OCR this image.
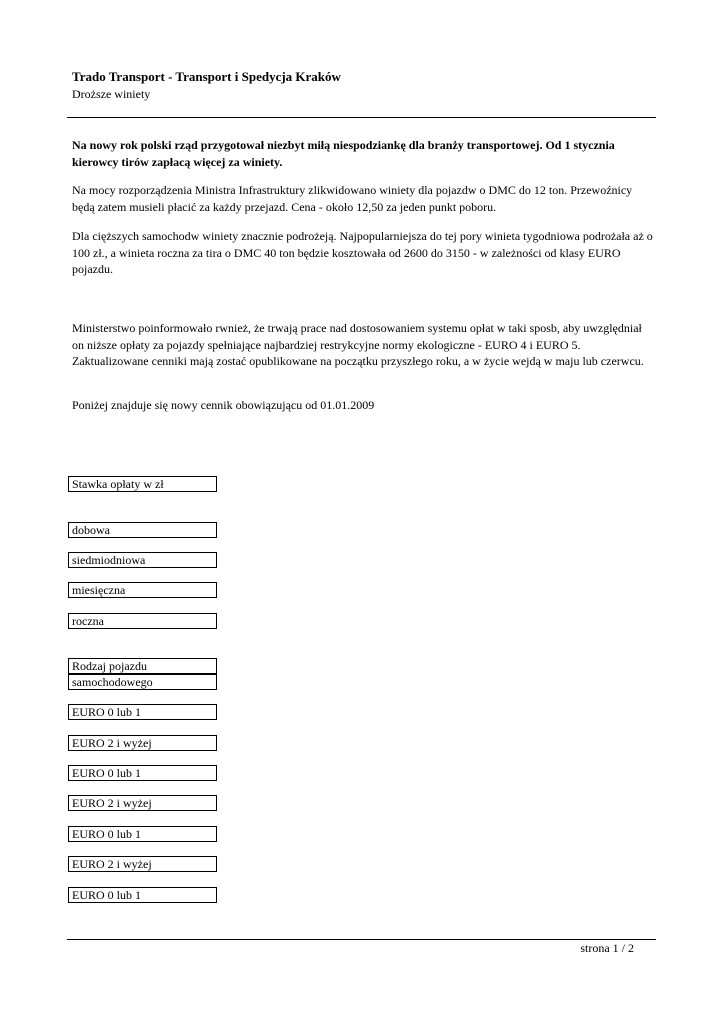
Trado Transport - Transport i Spedycja Kraków
Droższe winiety
Na nowy rok polski rząd przygotował niezbyt miłą niespodziankę dla branży transportowej. Od 1 stycznia kierowcy tirów zapłacą więcej za winiety.
Na mocy rozporządzenia Ministra Infrastruktury zlikwidowano winiety dla pojazdw o DMC do 12 ton. Przewoźnicy będą zatem musieli płacić za każdy przejazd. Cena - około 12,50 za jeden punkt poboru.
Dla cięższych samochodw winiety znacznie podrożeją. Najpopularniejsza do tej pory winieta tygodniowa podrożała aż o 100 zł., a winieta roczna za tira o DMC 40 ton będzie kosztowała od 2600 do 3150 - w zależności od klasy EURO pojazdu.
Ministerstwo poinformowało rwnież, że trwają prace nad dostosowaniem systemu opłat w taki sposb, aby uwzględniał on niższe opłaty za pojazdy spełniające najbardziej restrykcyjne normy ekologiczne - EURO 4 i EURO 5. Zaktualizowane cenniki mają zostać opublikowane na początku przyszłego roku, a w życie wejdą w maju lub czerwcu.
Poniżej znajduje się nowy cennik obowiązującu od 01.01.2009
Stawka opłaty w zł
dobowa
siedmiodniowa
miesięczna
roczna
Rodzaj pojazdu
samochodowego
EURO 0 lub 1
EURO 2 i wyżej
EURO 0 lub 1
EURO 2 i wyżej
EURO 0 lub 1
EURO 2 i wyżej
EURO 0 lub 1
strona 1 / 2
